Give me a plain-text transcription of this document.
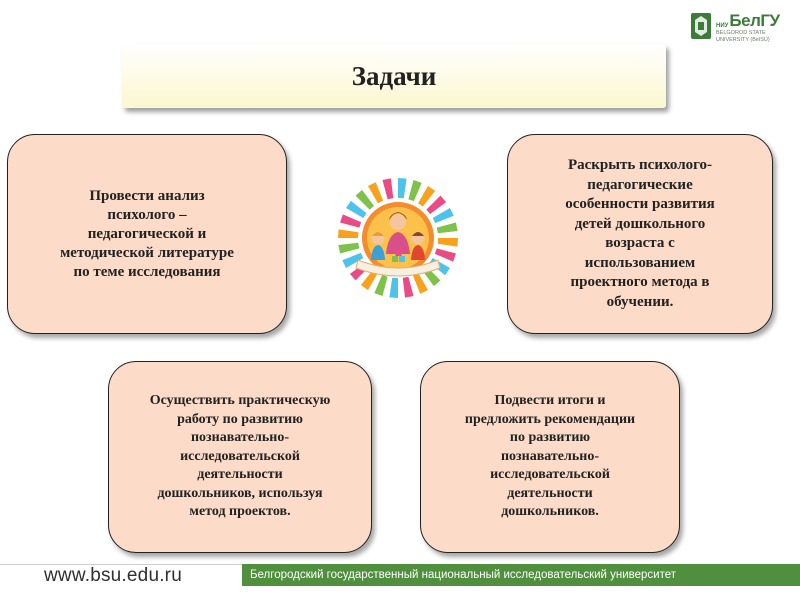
НИУ БелГУ
BELGOROD STATE
UNIVERSITY (BelSU)
Задачи
Провести анализ
психолого –
педагогической и
методической литературе
по теме исследования
Раскрыть психолого-
педагогические
особенности развития
детей дошкольного
возраста с
использованием
проектного метода в
обучении.
Осуществить практическую
работу по развитию
познавательно-
исследовательской
деятельности
дошкольников, используя
метод проектов.
Подвести итоги и
предложить рекомендации
по развитию
познавательно-
исследовательской
деятельности
дошкольников.
www.bsu.edu.ru	Белгородский государственный национальный исследовательский университет
